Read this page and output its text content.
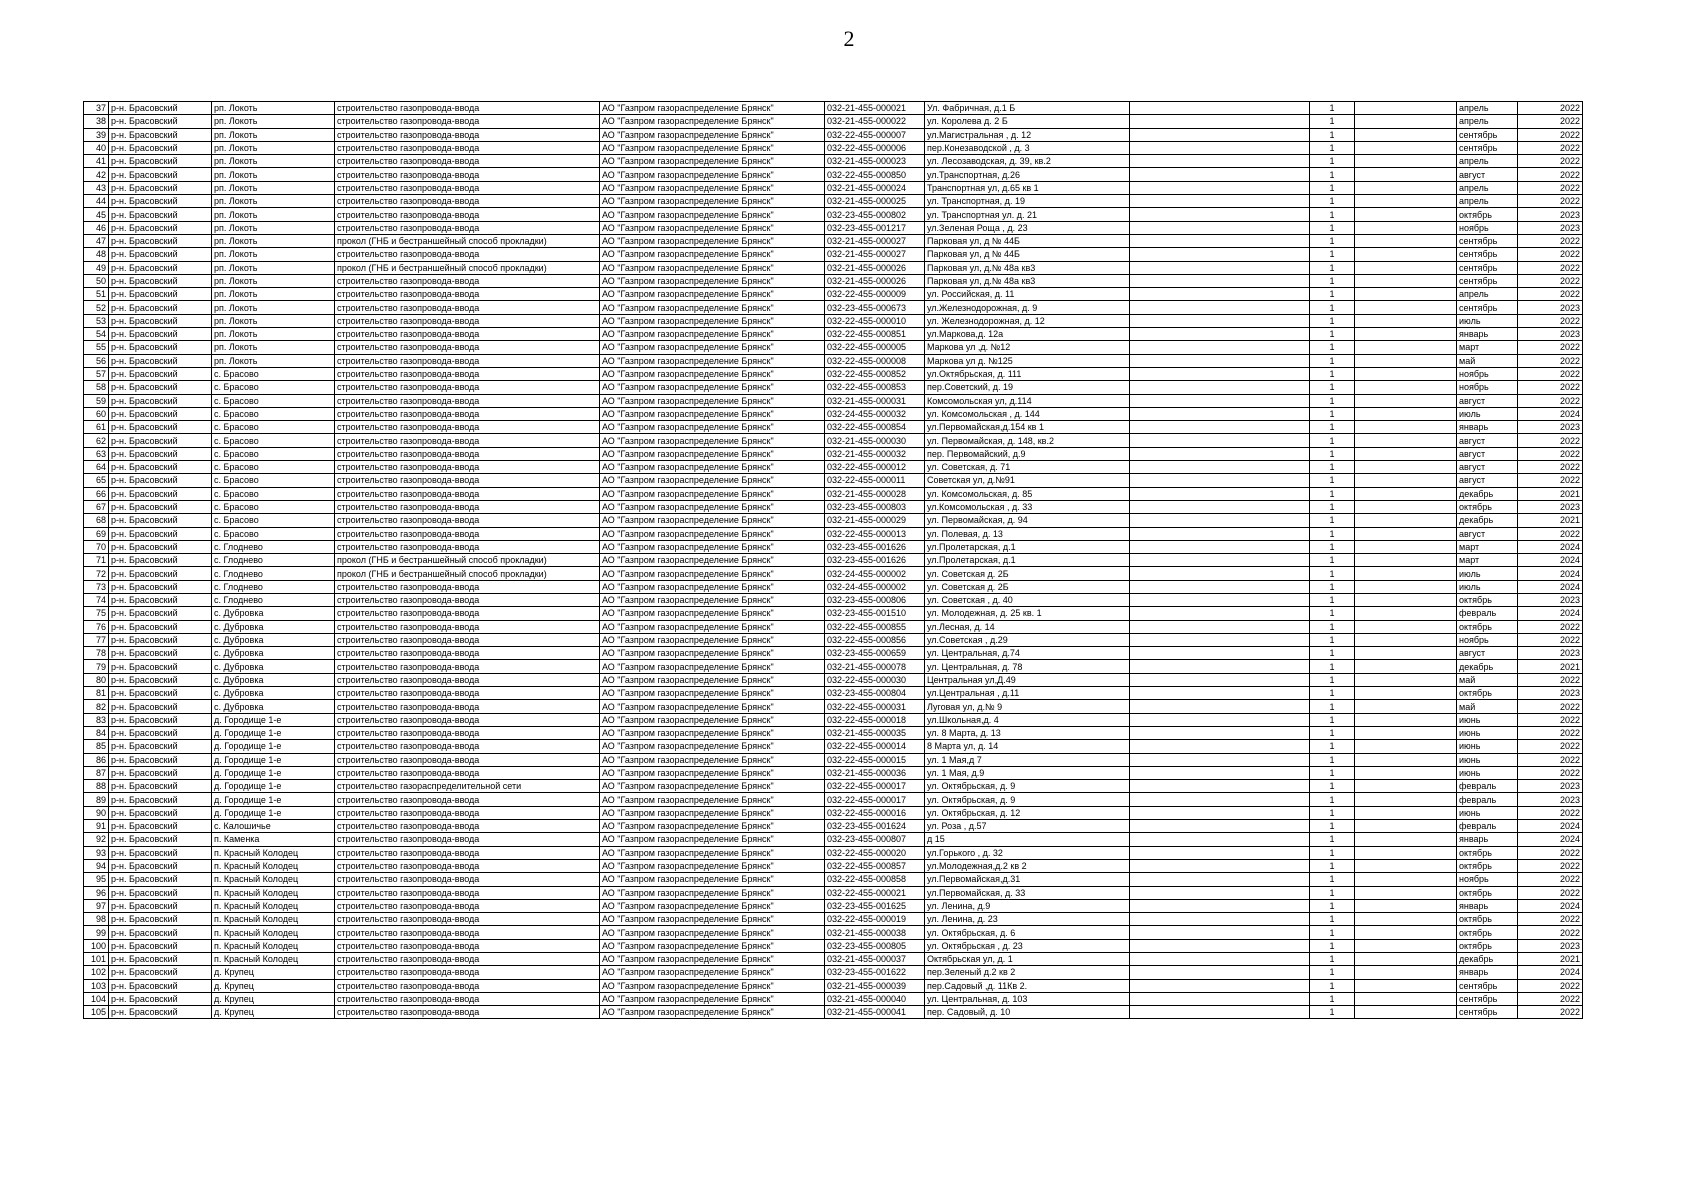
2
37	р-н. Брасовский	рп. Локоть	строительство газопровода-ввода	АО "Газпром газораспределение Брянск"	032-21-455-000021	Ул. Фабричная, д.1 Б		1		апрель	2022
38	р-н. Брасовский	рп. Локоть	строительство газопровода-ввода	АО "Газпром газораспределение Брянск"	032-21-455-000022	ул. Королева д. 2 Б		1		апрель	2022
39	р-н. Брасовский	рп. Локоть	строительство газопровода-ввода	АО "Газпром газораспределение Брянск"	032-22-455-000007	ул.Магистральная , д. 12		1		сентябрь	2022
40	р-н. Брасовский	рп. Локоть	строительство газопровода-ввода	АО "Газпром газораспределение Брянск"	032-22-455-000006	пер.Конезаводской , д. 3		1		сентябрь	2022
41	р-н. Брасовский	рп. Локоть	строительство газопровода-ввода	АО "Газпром газораспределение Брянск"	032-21-455-000023	ул. Лесозаводская, д. 39, кв.2		1		апрель	2022
42	р-н. Брасовский	рп. Локоть	строительство газопровода-ввода	АО "Газпром газораспределение Брянск"	032-22-455-000850	ул.Транспортная, д.26		1		август	2022
43	р-н. Брасовский	рп. Локоть	строительство газопровода-ввода	АО "Газпром газораспределение Брянск"	032-21-455-000024	Транспортная ул, д.65 кв 1		1		апрель	2022
44	р-н. Брасовский	рп. Локоть	строительство газопровода-ввода	АО "Газпром газораспределение Брянск"	032-21-455-000025	ул. Транспортная, д. 19		1		апрель	2022
45	р-н. Брасовский	рп. Локоть	строительство газопровода-ввода	АО "Газпром газораспределение Брянск"	032-23-455-000802	ул. Транспортная ул. д. 21		1		октябрь	2023
46	р-н. Брасовский	рп. Локоть	строительство газопровода-ввода	АО "Газпром газораспределение Брянск"	032-23-455-001217	ул.Зеленая Роща , д. 23		1		ноябрь	2023
47	р-н. Брасовский	рп. Локоть	прокол (ГНБ и бестраншейный способ прокладки)	АО "Газпром газораспределение Брянск"	032-21-455-000027	Парковая ул, д № 44Б		1		сентябрь	2022
48	р-н. Брасовский	рп. Локоть	строительство газопровода-ввода	АО "Газпром газораспределение Брянск"	032-21-455-000027	Парковая ул, д № 44Б		1		сентябрь	2022
49	р-н. Брасовский	рп. Локоть	прокол (ГНБ и бестраншейный способ прокладки)	АО "Газпром газораспределение Брянск"	032-21-455-000026	Парковая ул, д.№ 48а кв3		1		сентябрь	2022
50	р-н. Брасовский	рп. Локоть	строительство газопровода-ввода	АО "Газпром газораспределение Брянск"	032-21-455-000026	Парковая ул, д.№ 48а кв3		1		сентябрь	2022
51	р-н. Брасовский	рп. Локоть	строительство газопровода-ввода	АО "Газпром газораспределение Брянск"	032-22-455-000009	ул. Российская, д. 11		1		апрель	2022
52	р-н. Брасовский	рп. Локоть	строительство газопровода-ввода	АО "Газпром газораспределение Брянск"	032-23-455-000673	ул.Железнодорожная, д. 9		1		сентябрь	2023
53	р-н. Брасовский	рп. Локоть	строительство газопровода-ввода	АО "Газпром газораспределение Брянск"	032-22-455-000010	ул. Железнодорожная, д. 12		1		июль	2022
54	р-н. Брасовский	рп. Локоть	строительство газопровода-ввода	АО "Газпром газораспределение Брянск"	032-22-455-000851	ул.Маркова,д. 12а		1		январь	2023
55	р-н. Брасовский	рп. Локоть	строительство газопровода-ввода	АО "Газпром газораспределение Брянск"	032-22-455-000005	Маркова ул ,д. №12		1		март	2022
56	р-н. Брасовский	рп. Локоть	строительство газопровода-ввода	АО "Газпром газораспределение Брянск"	032-22-455-000008	Маркова ул д. №125		1		май	2022
57	р-н. Брасовский	с. Брасово	строительство газопровода-ввода	АО "Газпром газораспределение Брянск"	032-22-455-000852	ул.Октябрьская, д. 111		1		ноябрь	2022
58	р-н. Брасовский	с. Брасово	строительство газопровода-ввода	АО "Газпром газораспределение Брянск"	032-22-455-000853	пер.Советский, д. 19		1		ноябрь	2022
59	р-н. Брасовский	с. Брасово	строительство газопровода-ввода	АО "Газпром газораспределение Брянск"	032-21-455-000031	Комсомольская ул, д.114		1		август	2022
60	р-н. Брасовский	с. Брасово	строительство газопровода-ввода	АО "Газпром газораспределение Брянск"	032-24-455-000032	ул. Комсомольская , д. 144		1		июль	2024
61	р-н. Брасовский	с. Брасово	строительство газопровода-ввода	АО "Газпром газораспределение Брянск"	032-22-455-000854	ул.Первомайская,д.154 кв 1		1		январь	2023
62	р-н. Брасовский	с. Брасово	строительство газопровода-ввода	АО "Газпром газораспределение Брянск"	032-21-455-000030	ул. Первомайская, д. 148, кв.2		1		август	2022
63	р-н. Брасовский	с. Брасово	строительство газопровода-ввода	АО "Газпром газораспределение Брянск"	032-21-455-000032	пер. Первомайский, д.9		1		август	2022
64	р-н. Брасовский	с. Брасово	строительство газопровода-ввода	АО "Газпром газораспределение Брянск"	032-22-455-000012	ул. Советская, д. 71		1		август	2022
65	р-н. Брасовский	с. Брасово	строительство газопровода-ввода	АО "Газпром газораспределение Брянск"	032-22-455-000011	Советская ул, д.№91		1		август	2022
66	р-н. Брасовский	с. Брасово	строительство газопровода-ввода	АО "Газпром газораспределение Брянск"	032-21-455-000028	ул. Комсомольская, д. 85		1		декабрь	2021
67	р-н. Брасовский	с. Брасово	строительство газопровода-ввода	АО "Газпром газораспределение Брянск"	032-23-455-000803	ул.Комсомольская , д. 33		1		октябрь	2023
68	р-н. Брасовский	с. Брасово	строительство газопровода-ввода	АО "Газпром газораспределение Брянск"	032-21-455-000029	ул. Первомайская, д. 94		1		декабрь	2021
69	р-н. Брасовский	с. Брасово	строительство газопровода-ввода	АО "Газпром газораспределение Брянск"	032-22-455-000013	ул. Полевая, д. 13		1		август	2022
70	р-н. Брасовский	с. Глоднево	строительство газопровода-ввода	АО "Газпром газораспределение Брянск"	032-23-455-001626	ул.Пролетарская, д.1		1		март	2024
71	р-н. Брасовский	с. Глоднево	прокол (ГНБ и бестраншейный способ прокладки)	АО "Газпром газораспределение Брянск"	032-23-455-001626	ул.Пролетарская, д.1		1		март	2024
72	р-н. Брасовский	с. Глоднево	прокол (ГНБ и бестраншейный способ прокладки)	АО "Газпром газораспределение Брянск"	032-24-455-000002	ул. Советская д. 2Б		1		июль	2024
73	р-н. Брасовский	с. Глоднево	строительство газопровода-ввода	АО "Газпром газораспределение Брянск"	032-24-455-000002	ул. Советская д. 2Б		1		июль	2024
74	р-н. Брасовский	с. Глоднево	строительство газопровода-ввода	АО "Газпром газораспределение Брянск"	032-23-455-000806	ул. Советская , д. 40		1		октябрь	2023
75	р-н. Брасовский	с. Дубровка	строительство газопровода-ввода	АО "Газпром газораспределение Брянск"	032-23-455-001510	ул. Молодежная, д. 25 кв. 1		1		февраль	2024
76	р-н. Брасовский	с. Дубровка	строительство газопровода-ввода	АО "Газпром газораспределение Брянск"	032-22-455-000855	ул.Лесная, д. 14		1		октябрь	2022
77	р-н. Брасовский	с. Дубровка	строительство газопровода-ввода	АО "Газпром газораспределение Брянск"	032-22-455-000856	ул.Советская , д.29		1		ноябрь	2022
78	р-н. Брасовский	с. Дубровка	строительство газопровода-ввода	АО "Газпром газораспределение Брянск"	032-23-455-000659	ул. Центральная, д.74		1		август	2023
79	р-н. Брасовский	с. Дубровка	строительство газопровода-ввода	АО "Газпром газораспределение Брянск"	032-21-455-000078	ул. Центральная, д. 78		1		декабрь	2021
80	р-н. Брасовский	с. Дубровка	строительство газопровода-ввода	АО "Газпром газораспределение Брянск"	032-22-455-000030	Центральная ул,Д.49		1		май	2022
81	р-н. Брасовский	с. Дубровка	строительство газопровода-ввода	АО "Газпром газораспределение Брянск"	032-23-455-000804	ул.Центральная , д.11		1		октябрь	2023
82	р-н. Брасовский	с. Дубровка	строительство газопровода-ввода	АО "Газпром газораспределение Брянск"	032-22-455-000031	Луговая ул, д.№ 9		1		май	2022
83	р-н. Брасовский	д. Городище 1-е	строительство газопровода-ввода	АО "Газпром газораспределение Брянск"	032-22-455-000018	ул.Школьная,д. 4		1		июнь	2022
84	р-н. Брасовский	д. Городище 1-е	строительство газопровода-ввода	АО "Газпром газораспределение Брянск"	032-21-455-000035	ул. 8 Марта, д. 13		1		июнь	2022
85	р-н. Брасовский	д. Городище 1-е	строительство газопровода-ввода	АО "Газпром газораспределение Брянск"	032-22-455-000014	8 Марта ул, д. 14		1		июнь	2022
86	р-н. Брасовский	д. Городище 1-е	строительство газопровода-ввода	АО "Газпром газораспределение Брянск"	032-22-455-000015	ул. 1 Мая,д 7		1		июнь	2022
87	р-н. Брасовский	д. Городище 1-е	строительство газопровода-ввода	АО "Газпром газораспределение Брянск"	032-21-455-000036	ул. 1 Мая, д.9		1		июнь	2022
88	р-н. Брасовский	д. Городище 1-е	строительство газораспределительной сети	АО "Газпром газораспределение Брянск"	032-22-455-000017	ул. Октябрьская, д. 9		1		февраль	2023
89	р-н. Брасовский	д. Городище 1-е	строительство газопровода-ввода	АО "Газпром газораспределение Брянск"	032-22-455-000017	ул. Октябрьская, д. 9		1		февраль	2023
90	р-н. Брасовский	д. Городище 1-е	строительство газопровода-ввода	АО "Газпром газораспределение Брянск"	032-22-455-000016	ул. Октябрьская, д. 12		1		июнь	2022
91	р-н. Брасовский	с. Калошичье	строительство газопровода-ввода	АО "Газпром газораспределение Брянск"	032-23-455-001624	ул. Роза , д.57		1		февраль	2024
92	р-н. Брасовский	п. Каменка	строительство газопровода-ввода	АО "Газпром газораспределение Брянск"	032-23-455-000807	д 15		1		январь	2024
93	р-н. Брасовский	п. Красный Колодец	строительство газопровода-ввода	АО "Газпром газораспределение Брянск"	032-22-455-000020	ул.Горького , д. 32		1		октябрь	2022
94	р-н. Брасовский	п. Красный Колодец	строительство газопровода-ввода	АО "Газпром газораспределение Брянск"	032-22-455-000857	ул.Молодежная,д.2 кв 2		1		октябрь	2022
95	р-н. Брасовский	п. Красный Колодец	строительство газопровода-ввода	АО "Газпром газораспределение Брянск"	032-22-455-000858	ул.Первомайская,д.31		1		ноябрь	2022
96	р-н. Брасовский	п. Красный Колодец	строительство газопровода-ввода	АО "Газпром газораспределение Брянск"	032-22-455-000021	ул.Первомайская, д. 33		1		октябрь	2022
97	р-н. Брасовский	п. Красный Колодец	строительство газопровода-ввода	АО "Газпром газораспределение Брянск"	032-23-455-001625	ул. Ленина, д.9		1		январь	2024
98	р-н. Брасовский	п. Красный Колодец	строительство газопровода-ввода	АО "Газпром газораспределение Брянск"	032-22-455-000019	ул. Ленина, д. 23		1		октябрь	2022
99	р-н. Брасовский	п. Красный Колодец	строительство газопровода-ввода	АО "Газпром газораспределение Брянск"	032-21-455-000038	ул. Октябрьская, д. 6		1		октябрь	2022
100	р-н. Брасовский	п. Красный Колодец	строительство газопровода-ввода	АО "Газпром газораспределение Брянск"	032-23-455-000805	ул. Октябрьская , д. 23		1		октябрь	2023
101	р-н. Брасовский	п. Красный Колодец	строительство газопровода-ввода	АО "Газпром газораспределение Брянск"	032-21-455-000037	Октябрьская ул, д. 1		1		декабрь	2021
102	р-н. Брасовский	д. Крупец	строительство газопровода-ввода	АО "Газпром газораспределение Брянск"	032-23-455-001622	пер.Зеленый д.2 кв 2		1		январь	2024
103	р-н. Брасовский	д. Крупец	строительство газопровода-ввода	АО "Газпром газораспределение Брянск"	032-21-455-000039	пер.Садовый ,д. 11Кв 2.		1		сентябрь	2022
104	р-н. Брасовский	д. Крупец	строительство газопровода-ввода	АО "Газпром газораспределение Брянск"	032-21-455-000040	ул. Центральная, д. 103		1		сентябрь	2022
105	р-н. Брасовский	д. Крупец	строительство газопровода-ввода	АО "Газпром газораспределение Брянск"	032-21-455-000041	пер. Садовый, д. 10		1		сентябрь	2022
